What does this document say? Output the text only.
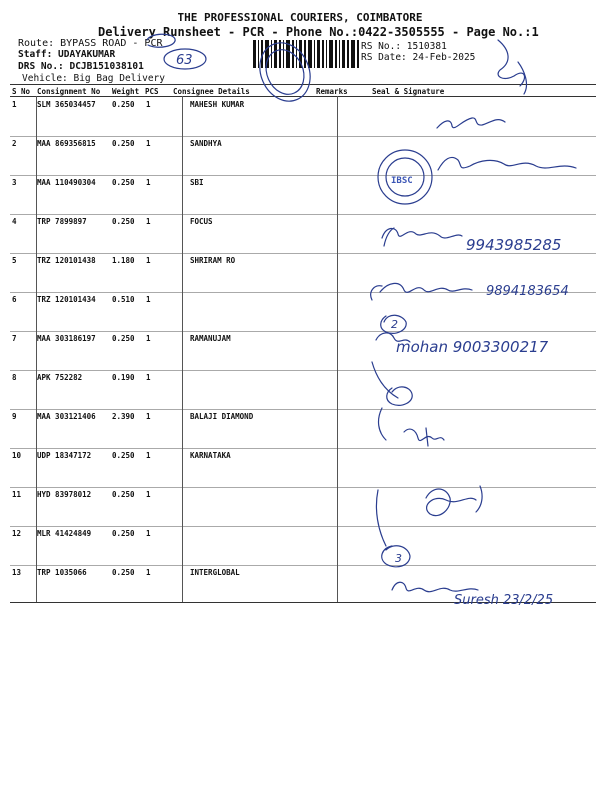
THE PROFESSIONAL COURIERS, COIMBATORE
Delivery Runsheet - PCR - Phone No.:0422-3505555 - Page No.:1
Route: BYPASS ROAD - PCR
Staff: UDAYAKUMAR
DRS No.: DCJB151038101
Vehicle: Big Bag Delivery
RS No.: 1510381
RS Date: 24-Feb-2025
S No Consignment No Weight PCS Consignee Details	Remarks	Seal & Signature
1	SLM 365034457 0.250 1	MAHESH KUMAR
2	MAA 869356815 0.250 1	SANDHYA
3	MAA 110490304 0.250 1	SBI
4	TRP 7899897	0.250 1	FOCUS
5	TRZ 120101438 1.180 1	SHRIRAM RO
6	TRZ 120101434 0.510 1
7	MAA 303186197 0.250 1	RAMANUJAM
8	APK 752282	0.190 1
9	MAA 303121406 2.390 1	BALAJI DIAMOND
10 UDP 18347172	0.250 1	KARNATAKA
11 HYD 83978012	0.250 1
12 MLR 41424849	0.250 1
13 TRP 1035066	0.250 1	INTERGLOBAL
63
9943985285
9894183654
mohan 9003300217
Suresh 23/2/25
2
3
IBSC
